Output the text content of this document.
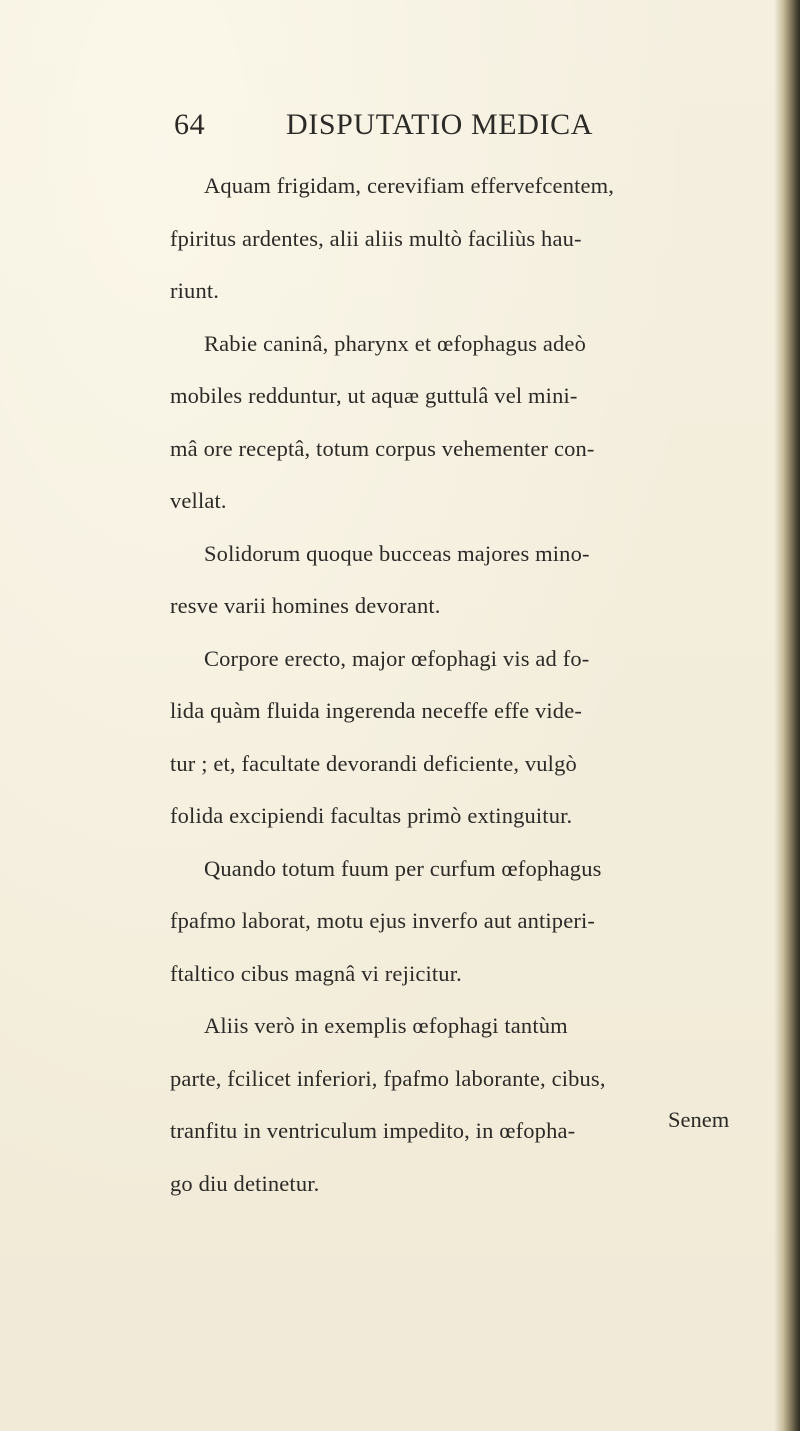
64	DISPUTATIO MEDICA
Aquam frigidam, cerevifiam effervefcentem,
fpiritus ardentes, alii aliis multò faciliùs hau-
riunt.
Rabie caninâ, pharynx et œfophagus adeò
mobiles redduntur, ut aquæ guttulâ vel mini-
mâ ore receptâ, totum corpus vehementer con-
vellat.
Solidorum quoque bucceas majores mino-
resve varii homines devorant.
Corpore erecto, major œfophagi vis ad fo-
lida quàm fluida ingerenda neceffe effe vide-
tur ; et, facultate devorandi deficiente, vulgò
folida excipiendi facultas primò extinguitur.
Quando totum fuum per curfum œfophagus
fpafmo laborat, motu ejus inverfo aut antiperi-
ftaltico cibus magnâ vi rejicitur.
Aliis verò in exemplis œfophagi tantùm
parte, fcilicet inferiori, fpafmo laborante, cibus,
tranfitu in ventriculum impedito, in œfopha-
go diu detinetur.
Senem
